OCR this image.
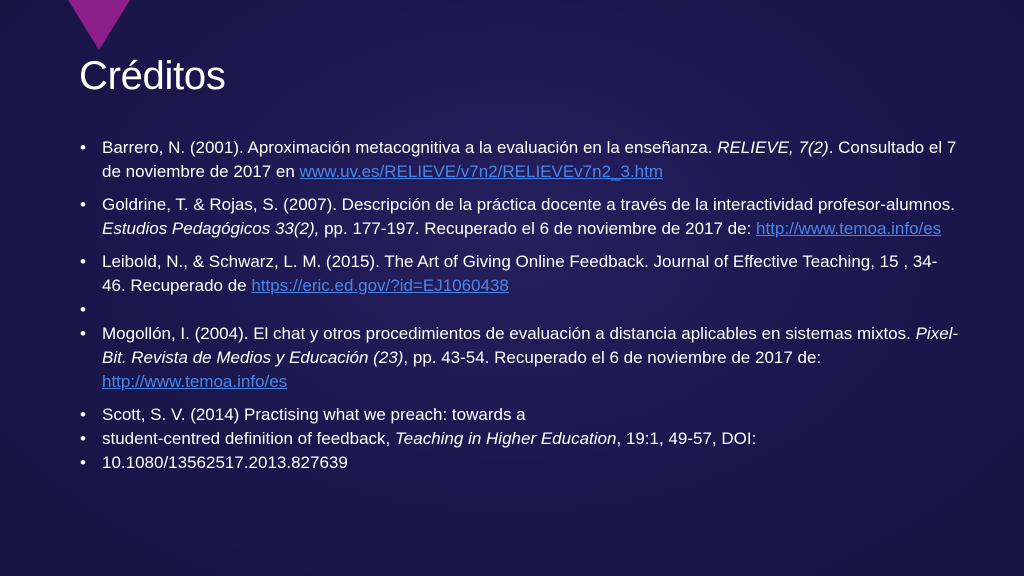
Créditos
• Barrero, N. (2001). Aproximación metacognitiva a la evaluación en la enseñanza. RELIEVE, 7(2). Consultado el 7 de noviembre de 2017 en www.uv.es/RELIEVE/v7n2/RELIEVEv7n2_3.htm
• Goldrine, T. & Rojas, S. (2007). Descripción de la práctica docente a través de la interactividad profesor-alumnos. Estudios Pedagógicos 33(2), pp. 177-197. Recuperado el 6 de noviembre de 2017 de: http://www.temoa.info/es
• Leibold, N., & Schwarz, L. M. (2015). The Art of Giving Online Feedback. Journal of Effective Teaching, 15 , 34-46. Recuperado de https://eric.ed.gov/?id=EJ1060438
•
• Mogollón, I. (2004). El chat y otros procedimientos de evaluación a distancia aplicables en sistemas mixtos. Pixel-Bit. Revista de Medios y Educación (23), pp. 43-54. Recuperado el 6 de noviembre de 2017 de: http://www.temoa.info/es
• Scott, S. V. (2014) Practising what we preach: towards a
• student-centred definition of feedback, Teaching in Higher Education, 19:1, 49-57, DOI:
• 10.1080/13562517.2013.827639
